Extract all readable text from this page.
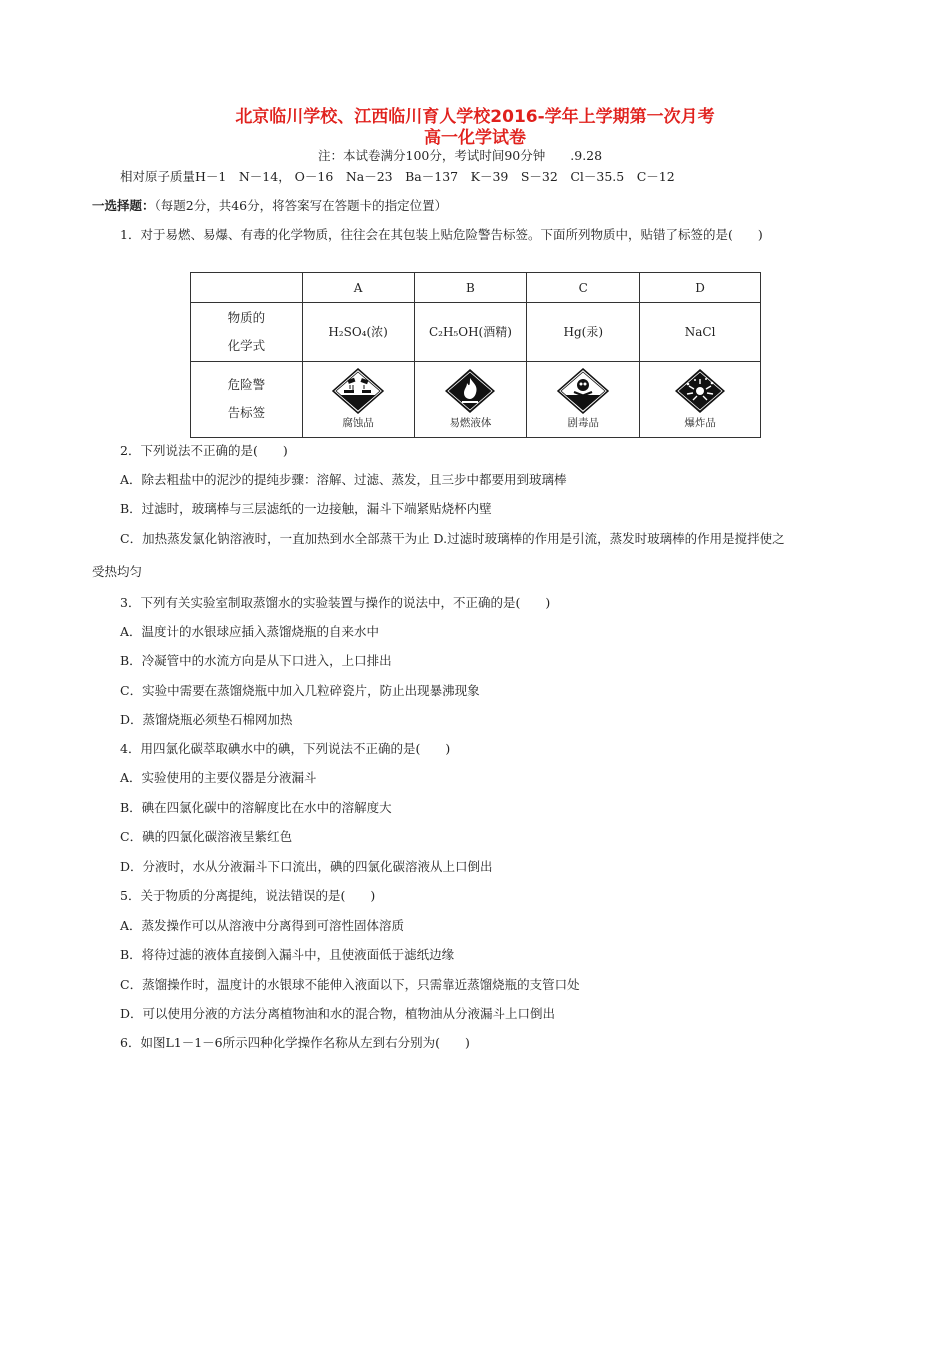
北京临川学校、江西临川育人学校2016-学年上学期第一次月考
高一化学试卷
注：本试卷满分100分，考试时间90分钟　　.9.28
相对原子质量H－1　N－14， O－16　Na－23　Ba－137　K－39　S－32　Cl－35.5　C－12
一选择题：（每题2分，共46分，将答案写在答题卡的指定位置）
1．对于易燃、易爆、有毒的化学物质，往往会在其包装上贴危险警告标签。下面所列物质中，贴错了标签的是(　　)
	A	B	C	D

物质的
化学式	H₂SO₄(浓)	C₂H₅OH(酒精)	Hg(汞)	NaCl

危险警
告标签	腐蚀品	易燃液体	剧毒品	爆炸品
2．下列说法不正确的是(　　)
A．除去粗盐中的泥沙的提纯步骤：溶解、过滤、蒸发，且三步中都要用到玻璃棒
B．过滤时，玻璃棒与三层滤纸的一边接触，漏斗下端紧贴烧杯内壁
C．加热蒸发氯化钠溶液时，一直加热到水全部蒸干为止 D.过滤时玻璃棒的作用是引流，蒸发时玻璃棒的作用是搅拌使之
受热均匀
3．下列有关实验室制取蒸馏水的实验装置与操作的说法中，不正确的是(　　)
A．温度计的水银球应插入蒸馏烧瓶的自来水中
B．冷凝管中的水流方向是从下口进入，上口排出
C．实验中需要在蒸馏烧瓶中加入几粒碎瓷片，防止出现暴沸现象
D．蒸馏烧瓶必须垫石棉网加热
4．用四氯化碳萃取碘水中的碘，下列说法不正确的是(　　)
A．实验使用的主要仪器是分液漏斗
B．碘在四氯化碳中的溶解度比在水中的溶解度大
C．碘的四氯化碳溶液呈紫红色
D．分液时，水从分液漏斗下口流出，碘的四氯化碳溶液从上口倒出
5．关于物质的分离提纯，说法错误的是(　　)
A．蒸发操作可以从溶液中分离得到可溶性固体溶质
B．将待过滤的液体直接倒入漏斗中，且使液面低于滤纸边缘
C．蒸馏操作时，温度计的水银球不能伸入液面以下，只需靠近蒸馏烧瓶的支管口处
D．可以使用分液的方法分离植物油和水的混合物，植物油从分液漏斗上口倒出
6．如图L1－1－6所示四种化学操作名称从左到右分别为(　　)
